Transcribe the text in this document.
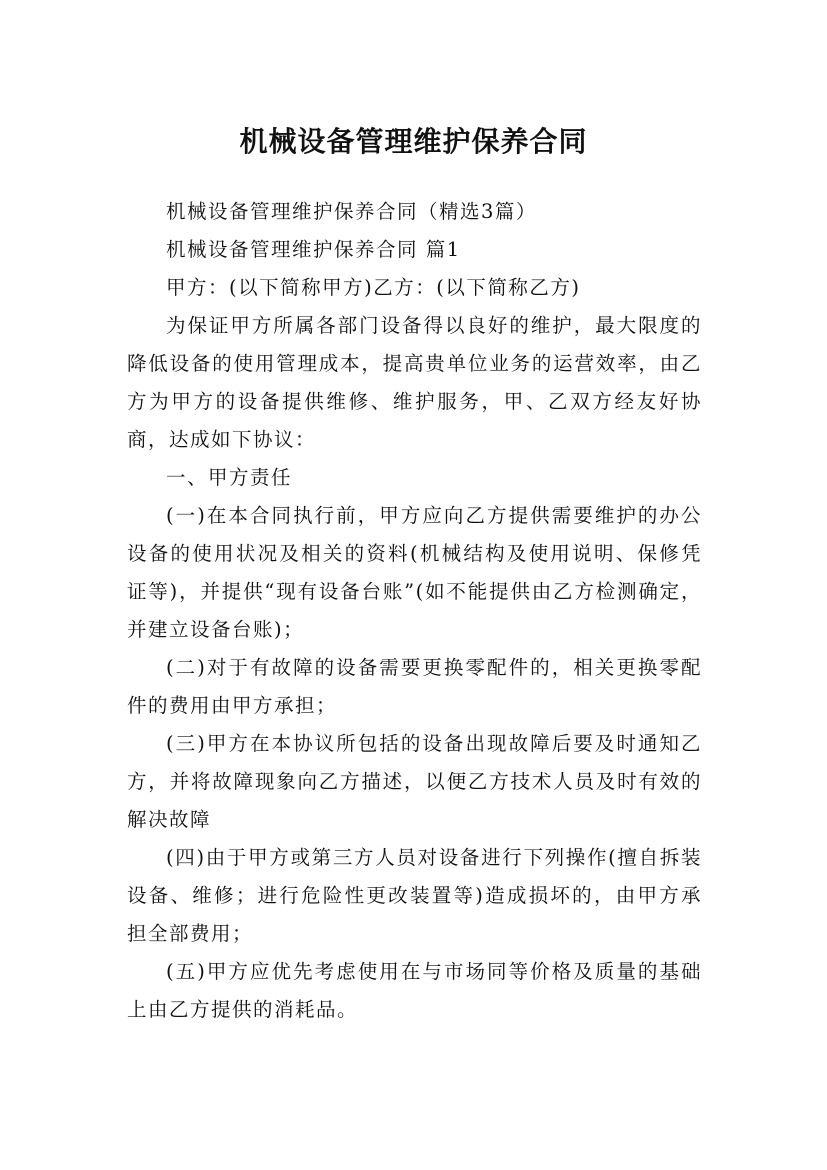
机械设备管理维护保养合同

机械设备管理维护保养合同（精选3篇）

机械设备管理维护保养合同 篇1

甲方：(以下简称甲方)乙方：(以下简称乙方)

为保证甲方所属各部门设备得以良好的维护，最大限度的降低设备的使用管理成本，提高贵单位业务的运营效率，由乙方为甲方的设备提供维修、维护服务，甲、乙双方经友好协商，达成如下协议：

一、甲方责任

(一)在本合同执行前，甲方应向乙方提供需要维护的办公设备的使用状况及相关的资料(机械结构及使用说明、保修凭证等)，并提供“现有设备台账”(如不能提供由乙方检测确定，并建立设备台账)；

(二)对于有故障的设备需要更换零配件的，相关更换零配件的费用由甲方承担；

(三)甲方在本协议所包括的设备出现故障后要及时通知乙方，并将故障现象向乙方描述，以便乙方技术人员及时有效的解决故障

(四)由于甲方或第三方人员对设备进行下列操作(擅自拆装设备、维修；进行危险性更改装置等)造成损坏的，由甲方承担全部费用；

(五)甲方应优先考虑使用在与市场同等价格及质量的基础上由乙方提供的消耗品。
